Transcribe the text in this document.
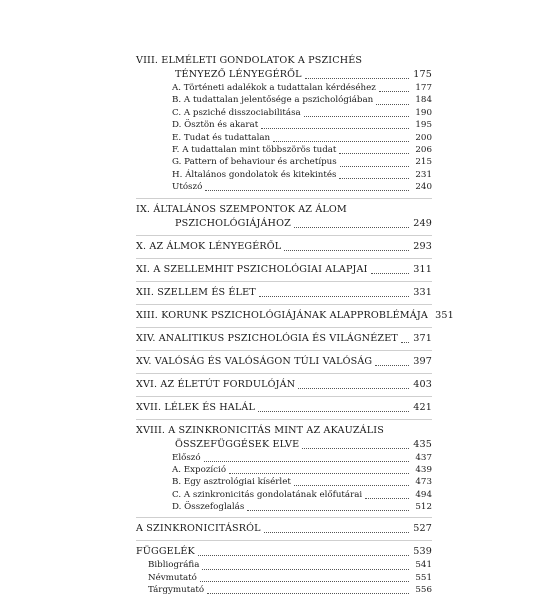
VIII. ELMÉLETI GONDOLATOK A PSZICHÉS
TÉNYEZŐ LÉNYEGÉRŐL	175
A. Történeti adalékok a tudattalan kérdéséhez	177
B. A tudattalan jelentősége a pszichológiában	184
C. A psziché disszociabilitása	190
D. Ösztön és akarat	195
E. Tudat és tudattalan	200
F. A tudattalan mint többszörös tudat	206
G. Pattern of behaviour és archetípus	215
H. Általános gondolatok és kitekintés	231
Utószó	240
IX. ÁLTALÁNOS SZEMPONTOK AZ ÁLOM
PSZICHOLÓGIÁJÁHOZ	249
X. AZ ÁLMOK LÉNYEGÉRŐL	293
XI. A SZELLEMHIT PSZICHOLÓGIAI ALAPJAI	311
XII. SZELLEM ÉS ÉLET	331
XIII. KORUNK PSZICHOLÓGIÁJÁNAK ALAPPROBLÉMÁJA 351
XIV. ANALITIKUS PSZICHOLÓGIA ÉS VILÁGNÉZET 371
XV. VALÓSÁG ÉS VALÓSÁGON TÚLI VALÓSÁG	397
XVI. AZ ÉLETÚT FORDULÓJÁN	403
XVII. LÉLEK ÉS HALÁL	421
XVIII. A SZINKRONICITÁS MINT AZ AKAUZÁLIS
ÖSSZEFÜGGÉSEK ELVE	435
Előszó	437
A. Expozíció	439
B. Egy asztrológiai kísérlet	473
C. A szinkronicitás gondolatának előfutárai	494
D. Összefoglalás	512
A SZINKRONICITÁSRÓL	527
FÜGGELÉK	539
Bibliográfia	541
Névmutató	551
Tárgymutató	556
